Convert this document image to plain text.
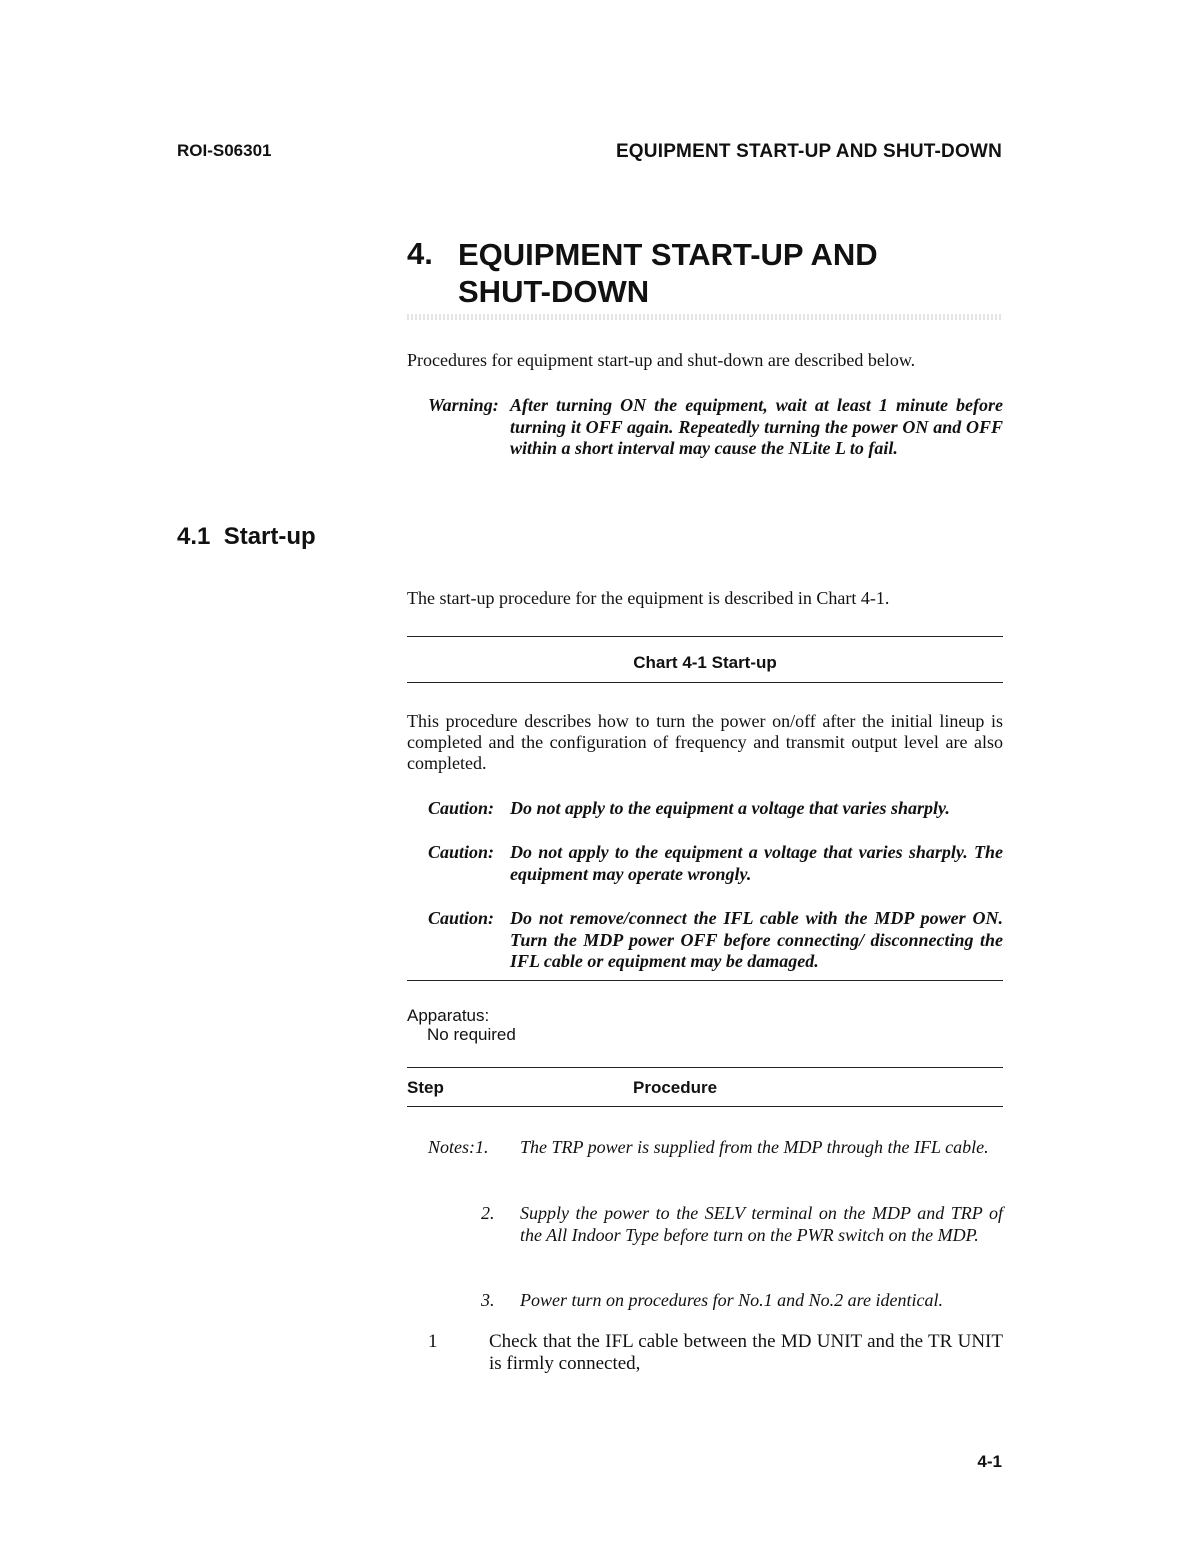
ROI-S06301	EQUIPMENT START-UP AND SHUT-DOWN
4. EQUIPMENT START-UP AND
SHUT-DOWN
Procedures for equipment start-up and shut-down are described below.
Warning: After turning ON the equipment, wait at least 1 minute before turning it OFF again. Repeatedly turning the power ON and OFF within a short interval may cause the NLite L to fail.
4.1  Start-up
The start-up procedure for the equipment is described in Chart 4-1.
Chart 4-1 Start-up
This procedure describes how to turn the power on/off after the initial lineup is completed and the configuration of frequency and transmit output level are also completed.
Caution: Do not apply to the equipment a voltage that varies sharply.
Caution: Do not apply to the equipment a voltage that varies sharply. The equipment may operate wrongly.
Caution: Do not remove/connect the IFL cable with the MDP power ON. Turn the MDP power OFF before connecting/ disconnecting the IFL cable or equipment may be damaged.
Apparatus:
No required
Step	Procedure
Notes:1. The TRP power is supplied from the MDP through the IFL cable.
2. Supply the power to the SELV terminal on the MDP and TRP of the All Indoor Type before turn on the PWR switch on the MDP.
3. Power turn on procedures for No.1 and No.2 are identical.
1	Check that the IFL cable between the MD UNIT and the TR UNIT is firmly connected,
4-1
